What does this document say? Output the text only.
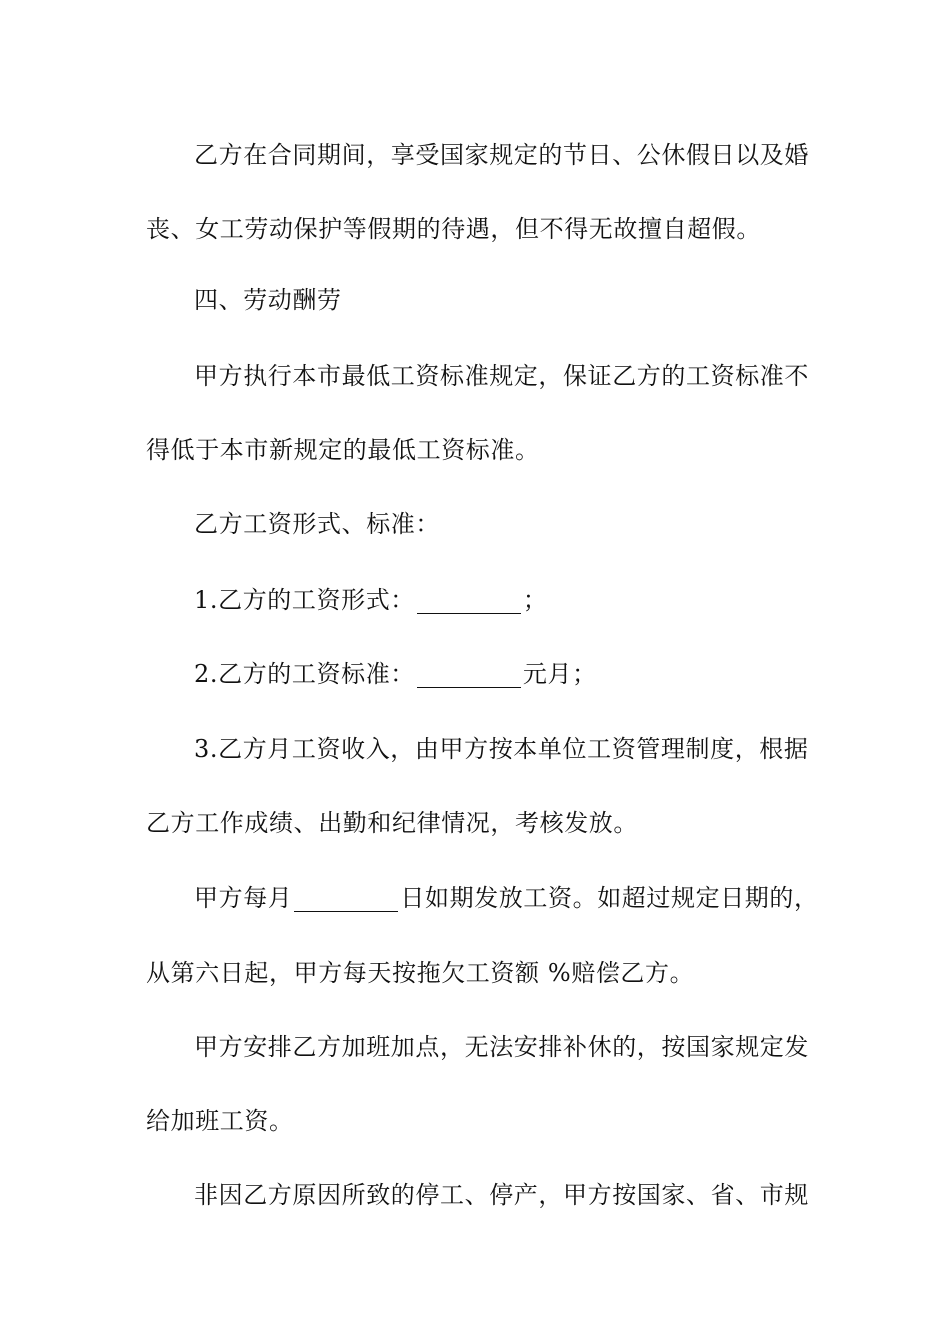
乙方在合同期间，享受国家规定的节日、公休假日以及婚
丧、女工劳动保护等假期的待遇，但不得无故擅自超假。
四、劳动酬劳
甲方执行本市最低工资标准规定，保证乙方的工资标准不
得低于本市新规定的最低工资标准。
乙方工资形式、标准：
1.乙方的工资形式：	；
2.乙方的工资标准：	元月；
3.乙方月工资收入，由甲方按本单位工资管理制度，根据
乙方工作成绩、出勤和纪律情况，考核发放。
甲方每月	日如期发放工资。如超过规定日期的，
从第六日起，甲方每天按拖欠工资额 %赔偿乙方。
甲方安排乙方加班加点，无法安排补休的，按国家规定发
给加班工资。
非因乙方原因所致的停工、停产，甲方按国家、省、市规
